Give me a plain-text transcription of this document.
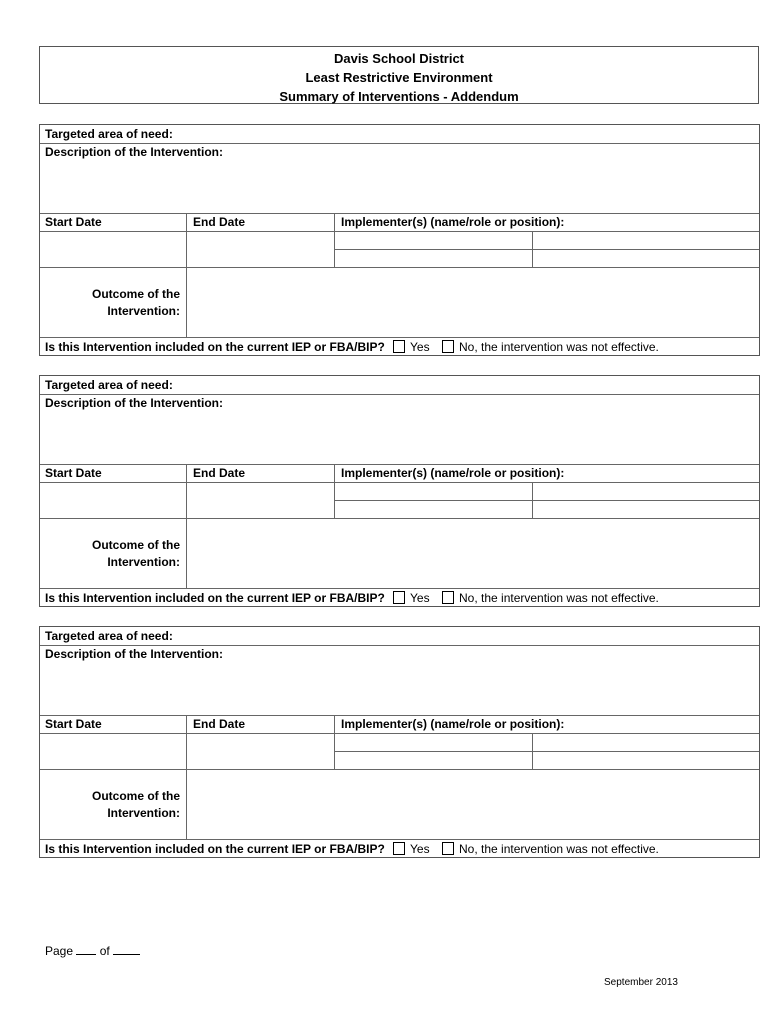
Davis School District
Least Restrictive Environment
Summary of Interventions - Addendum
Targeted area of need:
Description of the Intervention:
Start Date	End Date	Implementer(s) (name/role or position):
Outcome of the
Intervention:
Is this Intervention included on the current IEP or FBA/BIP? Yes No, the intervention was not effective.
Targeted area of need:
Description of the Intervention:
Start Date	End Date	Implementer(s) (name/role or position):
Outcome of the
Intervention:
Is this Intervention included on the current IEP or FBA/BIP? Yes No, the intervention was not effective.
Targeted area of need:
Description of the Intervention:
Start Date	End Date	Implementer(s) (name/role or position):
Outcome of the
Intervention:
Is this Intervention included on the current IEP or FBA/BIP? Yes No, the intervention was not effective.
Page of
September 2013
